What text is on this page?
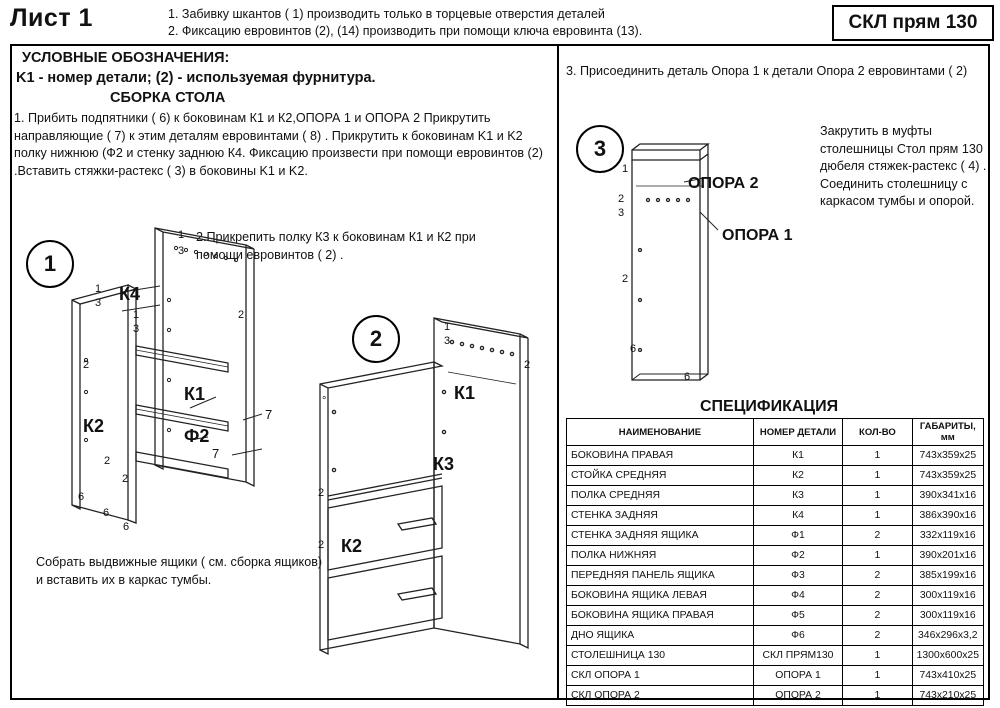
Лист 1	1. Забивку шкантов ( 1) производить только в торцевые отверстия деталей
2. Фиксацию евровинтов (2), (14) производить при помощи ключа евровинта (13).	СКЛ прям 130
УСЛОВНЫЕ ОБОЗНАЧЕНИЯ:
K1 - номер детали; (2) - используемая фурнитура.
СБОРКА СТОЛА
1. Прибить подпятники ( 6) к боковинам К1 и К2,ОПОРА 1 и ОПОРА 2 Прикрутить направляющие ( 7) к этим деталям евровинтами ( 8) . Прикрутить к боковинам K1 и K2 полку нижнюю (Ф2 и стенку заднюю К4. Фиксацию произвести при помощи евровинтов (2) .Вставить стяжки-растекс ( 3) в боковины K1 и K2.
2.Прикрепить полку К3 к боковинам К1 и К2 при помощи евровинтов ( 2) .
Собрать выдвижные ящики ( см. сборка ящиков) и вставить их в каркас тумбы.
3. Присоединить деталь Опора 1 к детали Опора 2 евровинтами ( 2)
Закрутить в муфты столешницы Стол прям 130 дюбеля стяжек-растекс ( 4) . Соединить столешницу с каркасом тумбы и опорой.
1
2
3
СПЕЦИФИКАЦИЯ
НАИМЕНОВАНИЕ	НОМЕР ДЕТАЛИ	КОЛ-ВО	ГАБАРИТЫ, мм
БОКОВИНА ПРАВАЯ	К1	1	743х359х25
СТОЙКА СРЕДНЯЯ	К2	1	743х359х25
ПОЛКА СРЕДНЯЯ	К3	1	390х341х16
СТЕНКА ЗАДНЯЯ	К4	1	386х390х16
СТЕНКА ЗАДНЯЯ ЯЩИКА	Ф1	2	332х119х16
ПОЛКА НИЖНЯЯ	Ф2	1	390х201х16
ПЕРЕДНЯЯ ПАНЕЛЬ ЯЩИКА	Ф3	2	385х199х16
БОКОВИНА ЯЩИКА ЛЕВАЯ	Ф4	2	300х119х16
БОКОВИНА ЯЩИКА ПРАВАЯ	Ф5	2	300х119х16
ДНО ЯЩИКА	Ф6	2	346х296х3,2
СТОЛЕШНИЦА 130	СКЛ ПРЯМ130	1	1300х600х25
СКЛ ОПОРА 1	ОПОРА 1	1	743х410х25
СКЛ ОПОРА 2	ОПОРА 2	1	743х210х25
К4
К1
Ф2
К2
7
7
К1
К3
К2
ОПОРА 2
ОПОРА 1
1
3
1
3
1
3
2
2
2
6
6
6
2
1
3
°
2
2
2
1
2
3
2
6
6
